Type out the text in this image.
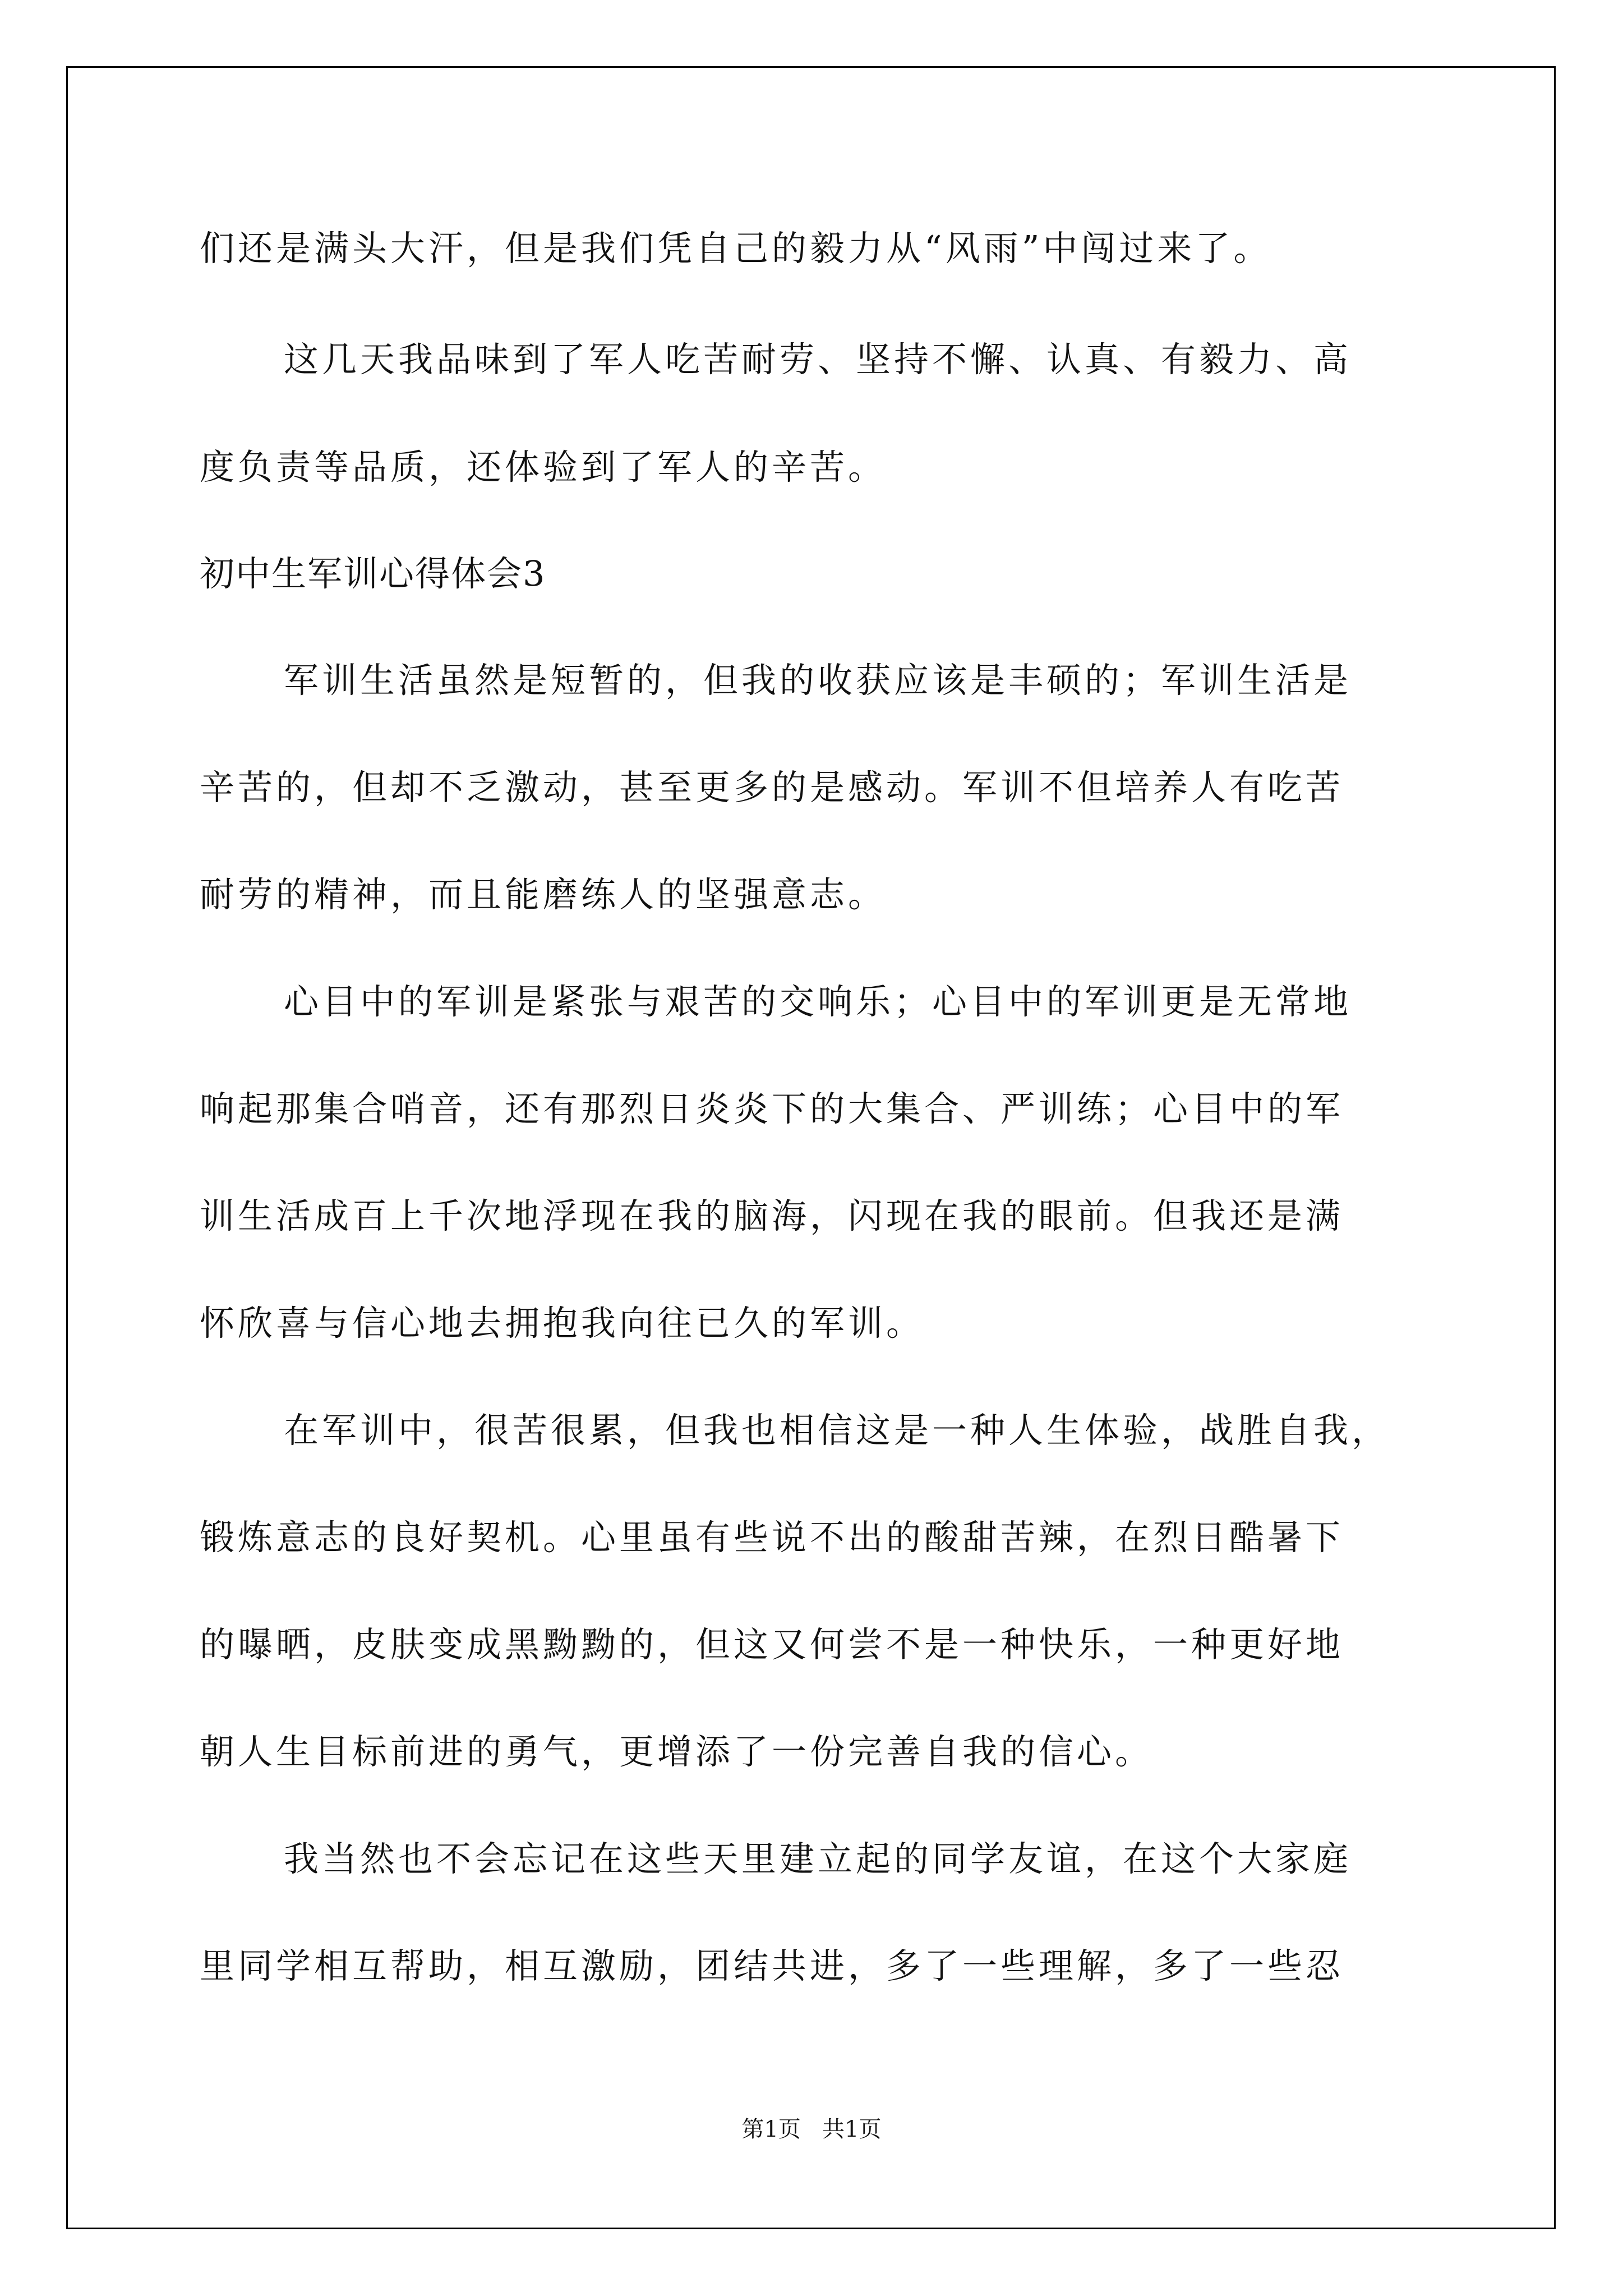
们还是满头大汗，但是我们凭自己的毅力从“风雨”中闯过来了。

这几天我品味到了军人吃苦耐劳、坚持不懈、认真、有毅力、高

度负责等品质，还体验到了军人的辛苦。

初中生军训心得体会3

军训生活虽然是短暂的，但我的收获应该是丰硕的；军训生活是

辛苦的，但却不乏激动，甚至更多的是感动。军训不但培养人有吃苦

耐劳的精神，而且能磨练人的坚强意志。

心目中的军训是紧张与艰苦的交响乐；心目中的军训更是无常地

响起那集合哨音，还有那烈日炎炎下的大集合、严训练；心目中的军

训生活成百上千次地浮现在我的脑海，闪现在我的眼前。但我还是满

怀欣喜与信心地去拥抱我向往已久的军训。

在军训中，很苦很累，但我也相信这是一种人生体验，战胜自我，

锻炼意志的良好契机。心里虽有些说不出的酸甜苦辣，在烈日酷暑下

的曝晒，皮肤变成黑黝黝的，但这又何尝不是一种快乐，一种更好地

朝人生目标前进的勇气，更增添了一份完善自我的信心。

我当然也不会忘记在这些天里建立起的同学友谊，在这个大家庭

里同学相互帮助，相互激励，团结共进，多了一些理解，多了一些忍

第1页   共1页
